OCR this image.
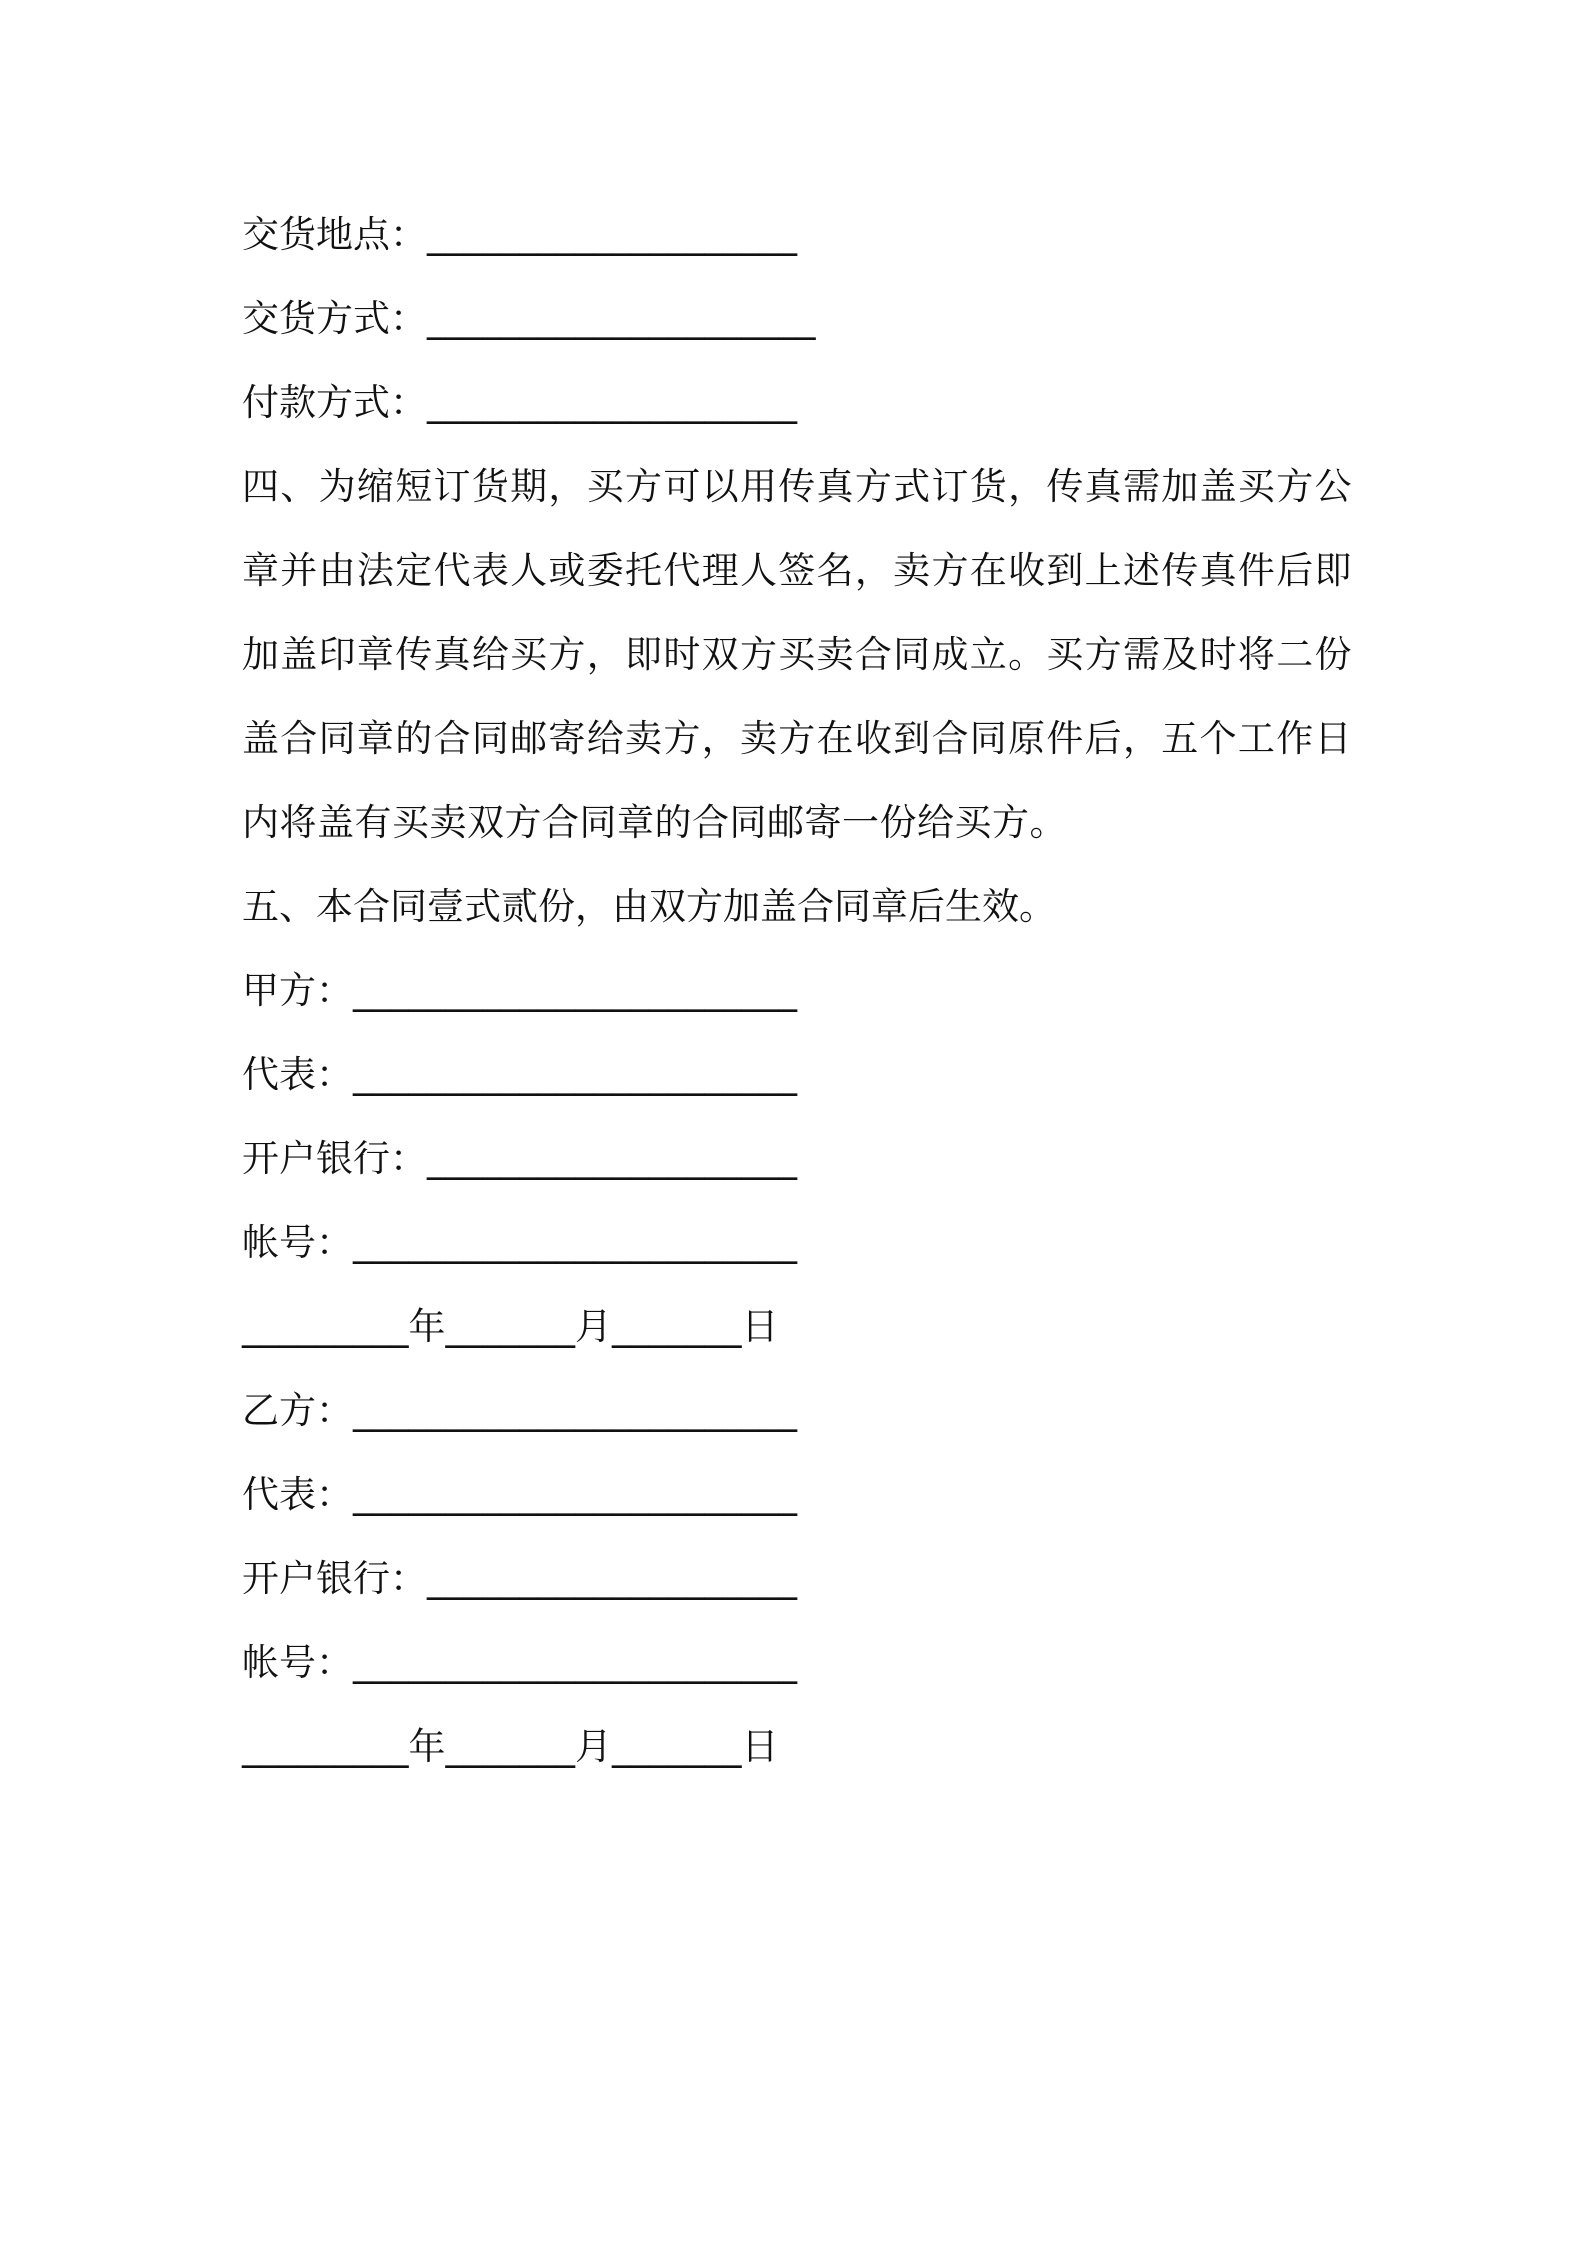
交货地点：____________________

交货方式：_____________________

付款方式：____________________

四、为缩短订货期，买方可以用传真方式订货，传真需加盖买方公章并由法定代表人或委托代理人签名，卖方在收到上述传真件后即加盖印章传真给买方，即时双方买卖合同成立。买方需及时将二份盖合同章的合同邮寄给卖方，卖方在收到合同原件后，五个工作日内将盖有买卖双方合同章的合同邮寄一份给买方。

五、本合同壹式贰份，由双方加盖合同章后生效。

甲方：________________________

代表：________________________

开户银行：____________________

帐号：________________________

_________年_______月_______日

乙方：________________________

代表：________________________

开户银行：____________________

帐号：________________________

_________年_______月_______日
